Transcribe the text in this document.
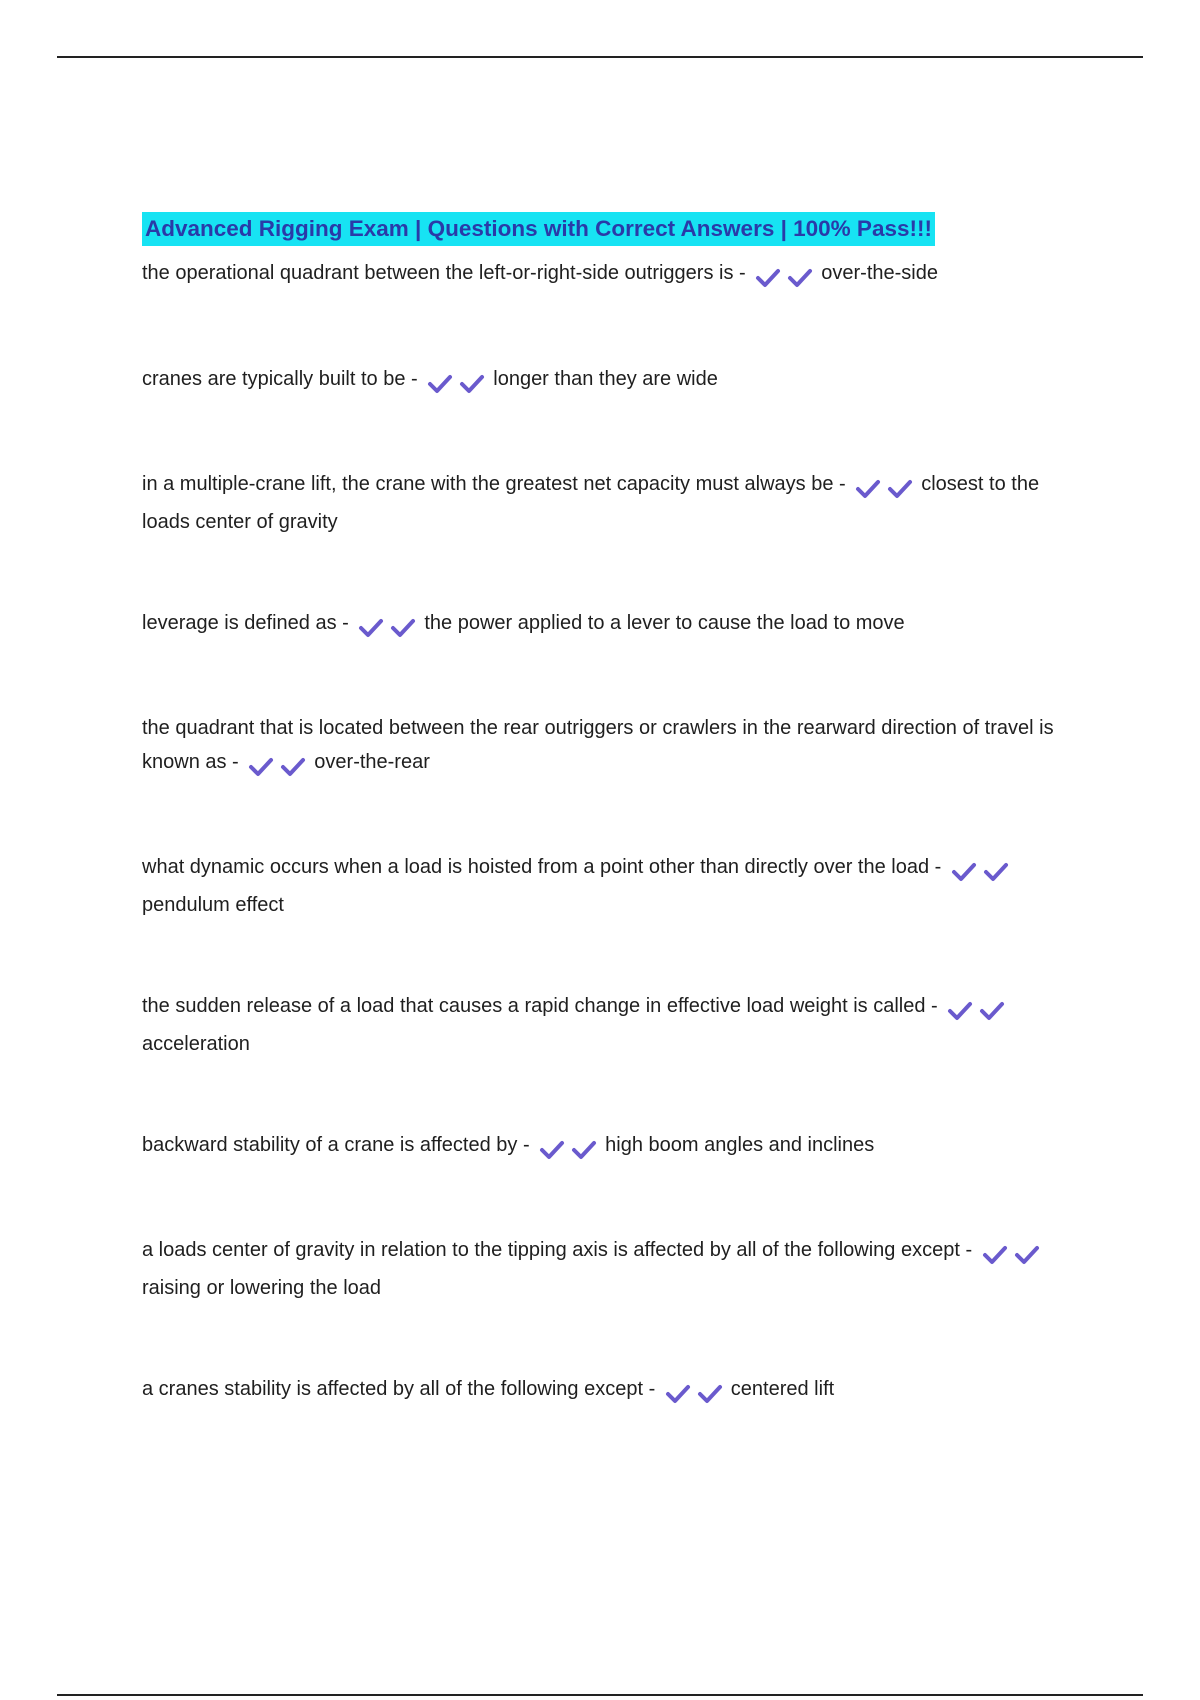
Advanced Rigging Exam | Questions with Correct Answers | 100% Pass!!!

the operational quadrant between the left-or-right-side outriggers is -	over-the-side

cranes are typically built to be -	longer than they are wide

in a multiple-crane lift, the crane with the greatest net capacity must always be -	closest to the loads center of gravity

leverage is defined as -	the power applied to a lever to cause the load to move

the quadrant that is located between the rear outriggers or crawlers in the rearward direction of travel is known as -	over-the-rear

what dynamic occurs when a load is hoisted from a point other than directly over the load - pendulum effect

the sudden release of a load that causes a rapid change in effective load weight is called - acceleration

backward stability of a crane is affected by -	high boom angles and inclines

a loads center of gravity in relation to the tipping axis is affected by all of the following except - raising or lowering the load

a cranes stability is affected by all of the following except -	centered lift
